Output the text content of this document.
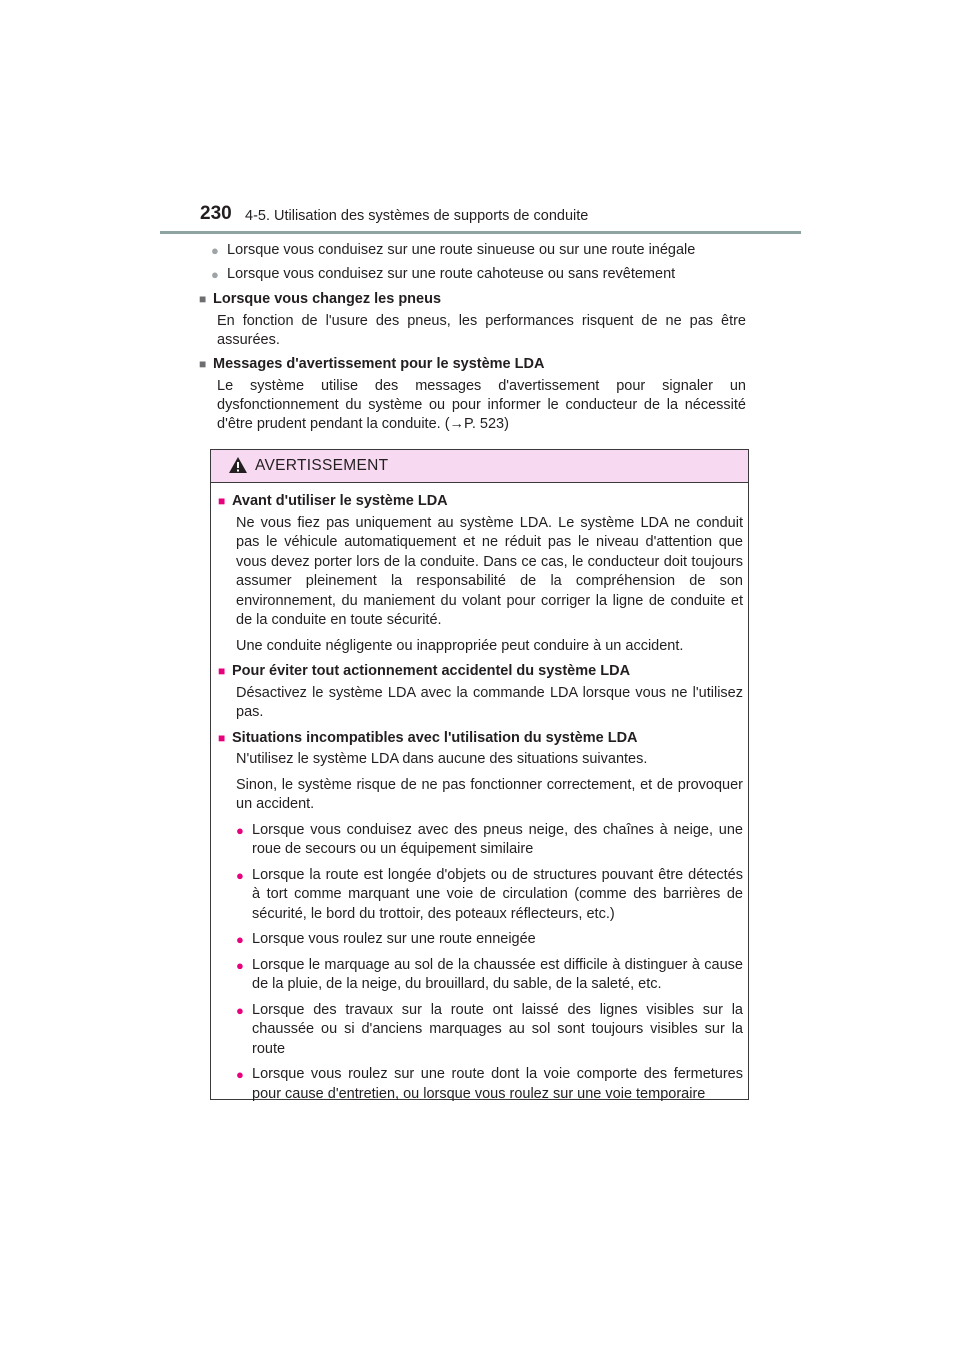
230 4-5. Utilisation des systèmes de supports de conduite
● Lorsque vous conduisez sur une route sinueuse ou sur une route inégale
● Lorsque vous conduisez sur une route cahoteuse ou sans revêtement
■ Lorsque vous changez les pneus
En fonction de l'usure des pneus, les performances risquent de ne pas être assurées.
■ Messages d'avertissement pour le système LDA
Le système utilise des messages d'avertissement pour signaler un dysfonctionnement du système ou pour informer le conducteur de la nécessité d'être prudent pendant la conduite. (→P. 523)
AVERTISSEMENT
■ Avant d'utiliser le système LDA
Ne vous fiez pas uniquement au système LDA. Le système LDA ne conduit pas le véhicule automatiquement et ne réduit pas le niveau d'attention que vous devez porter lors de la conduite. Dans ce cas, le conducteur doit toujours assumer pleinement la responsabilité de la compréhension de son environnement, du maniement du volant pour corriger la ligne de conduite et de la conduite en toute sécurité.
Une conduite négligente ou inappropriée peut conduire à un accident.
■ Pour éviter tout actionnement accidentel du système LDA
Désactivez le système LDA avec la commande LDA lorsque vous ne l'utilisez pas.
■ Situations incompatibles avec l'utilisation du système LDA
N'utilisez le système LDA dans aucune des situations suivantes.
Sinon, le système risque de ne pas fonctionner correctement, et de provoquer un accident.
● Lorsque vous conduisez avec des pneus neige, des chaînes à neige, une roue de secours ou un équipement similaire
● Lorsque la route est longée d'objets ou de structures pouvant être détectés à tort comme marquant une voie de circulation (comme des barrières de sécurité, le bord du trottoir, des poteaux réflecteurs, etc.)
● Lorsque vous roulez sur une route enneigée
● Lorsque le marquage au sol de la chaussée est difficile à distinguer à cause de la pluie, de la neige, du brouillard, du sable, de la saleté, etc.
● Lorsque des travaux sur la route ont laissé des lignes visibles sur la chaussée ou si d'anciens marquages au sol sont toujours visibles sur la route
● Lorsque vous roulez sur une route dont la voie comporte des fermetures pour cause d'entretien, ou lorsque vous roulez sur une voie temporaire
